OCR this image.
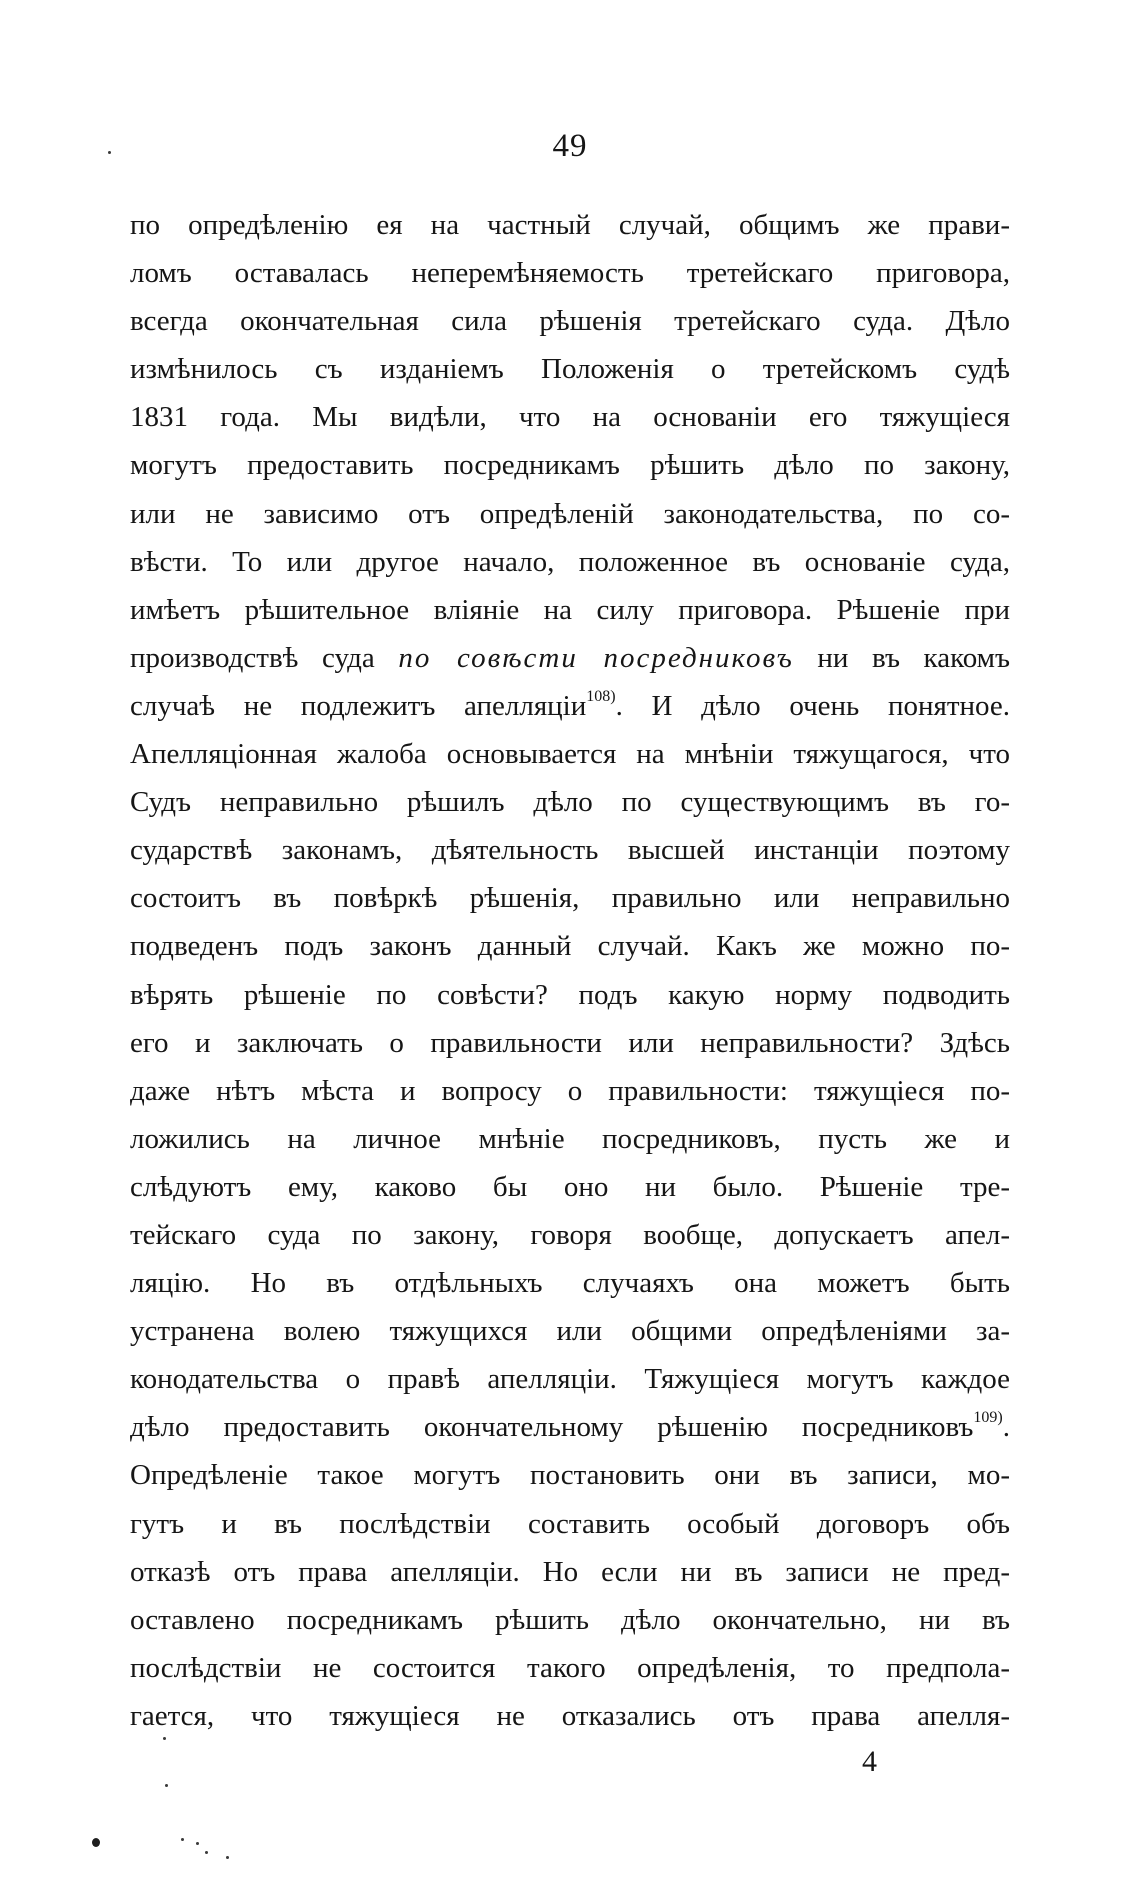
49
по опредѣленію ея на частный случай, общимъ же прави-
ломъ оставалась неперемѣняемость третейскаго приговора,
всегда окончательная сила рѣшенія третейскаго суда. Дѣло
измѣнилось съ изданіемъ Положенія о третейскомъ судѣ
1831 года. Мы видѣли, что на основаніи его тяжущіеся
могутъ предоставить посредникамъ рѣшить дѣло по закону,
или не зависимо отъ опредѣленій законодательства, по со-
вѣсти. То или другое начало, положенное въ основаніе суда,
имѣетъ рѣшительное вліяніе на силу приговора. Рѣшеніе при
производствѣ суда по совѣсти посредниковъ ни въ какомъ
случаѣ не подлежитъ апелляціи$^{108)}$. И дѣло очень понятное.
Апелляціонная жалоба основывается на мнѣніи тяжущагося, что
Судъ неправильно рѣшилъ дѣло по существующимъ въ го-
сударствѣ законамъ, дѣятельность высшей инстанціи поэтому
состоитъ въ повѣркѣ рѣшенія, правильно или неправильно
подведенъ подъ законъ данный случай. Какъ же можно по-
вѣрять рѣшеніе по совѣсти? подъ какую норму подводить
его и заключать о правильности или неправильности? Здѣсь
даже нѣтъ мѣста и вопросу о правильности: тяжущіеся по-
ложились на личное мнѣніе посредниковъ, пусть же и
слѣдуютъ ему, каково бы оно ни было. Рѣшеніе тре-
тейскаго суда по закону, говоря вообще, допускаетъ апел-
ляцію. Но въ отдѣльныхъ случаяхъ она можетъ быть
устранена волею тяжущихся или общими опредѣленіями за-
конодательства о правѣ апелляціи. Тяжущіеся могутъ каждое
дѣло предоставить окончательному рѣшенію посредниковъ$^{109)}$.
Опредѣленіе такое могутъ постановить они въ записи, мо-
гутъ и въ послѣдствіи составить особый договоръ объ
отказѣ отъ права апелляціи. Но если ни въ записи не пред-
оставлено посредникамъ рѣшить дѣло окончательно, ни въ
послѣдствіи не состоится такого опредѣленія, то предпола-
гается, что тяжущіеся не отказались отъ права апелля-
4
